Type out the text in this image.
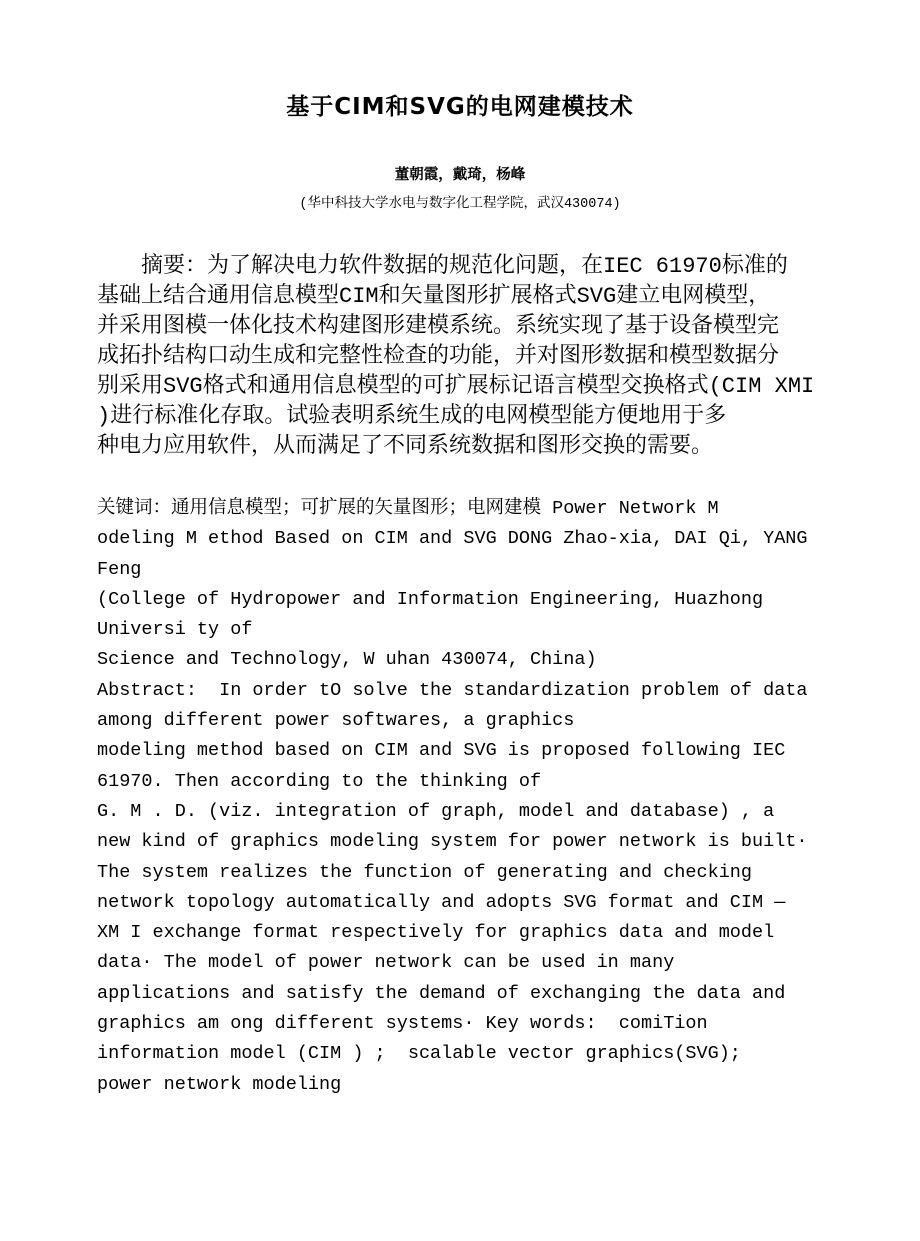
基于CIM和SVG的电网建模技术
董朝霞，戴琦，杨峰
(华中科技大学水电与数字化工程学院，武汉430074)
摘要：为了解决电力软件数据的规范化问题，在IEC 61970标准的
基础上结合通用信息模型CIM和矢量图形扩展格式SVG建立电网模型，
并采用图模一体化技术构建图形建模系统。系统实现了基于设备模型完
成拓扑结构口动生成和完整性检查的功能，并对图形数据和模型数据分
别采用SVG格式和通用信息模型的可扩展标记语言模型交换格式(CIM XMI
)进行标准化存取。试验表明系统生成的电网模型能方便地用于多
种电力应用软件，从而满足了不同系统数据和图形交换的需要。
关键词：通用信息模型；可扩展的矢量图形；电网建模 Power Network M
odeling M ethod Based on CIM and SVG DONG Zhao-xia, DAI Qi, YANG
Feng
(College of Hydropower and Information Engineering, Huazhong
Universi ty of
Science and Technology, W uhan 430074, China)
Abstract:  In order tO solve the standardization problem of data
among different power softwares, a graphics
modeling method based on CIM and SVG is proposed following IEC
61970. Then according to the thinking of
G. M . D. (viz. integration of graph, model and database) , a
new kind of graphics modeling system for power network is built·
The system realizes the function of generating and checking
network topology automatically and adopts SVG format and CIM —
XM I exchange format respectively for graphics data and model
data· The model of power network can be used in many
applications and satisfy the demand of exchanging the data and
graphics am ong different systems· Key words:  comiTion
information model (CIM ) ;  scalable vector graphics(SVG);
power network modeling
